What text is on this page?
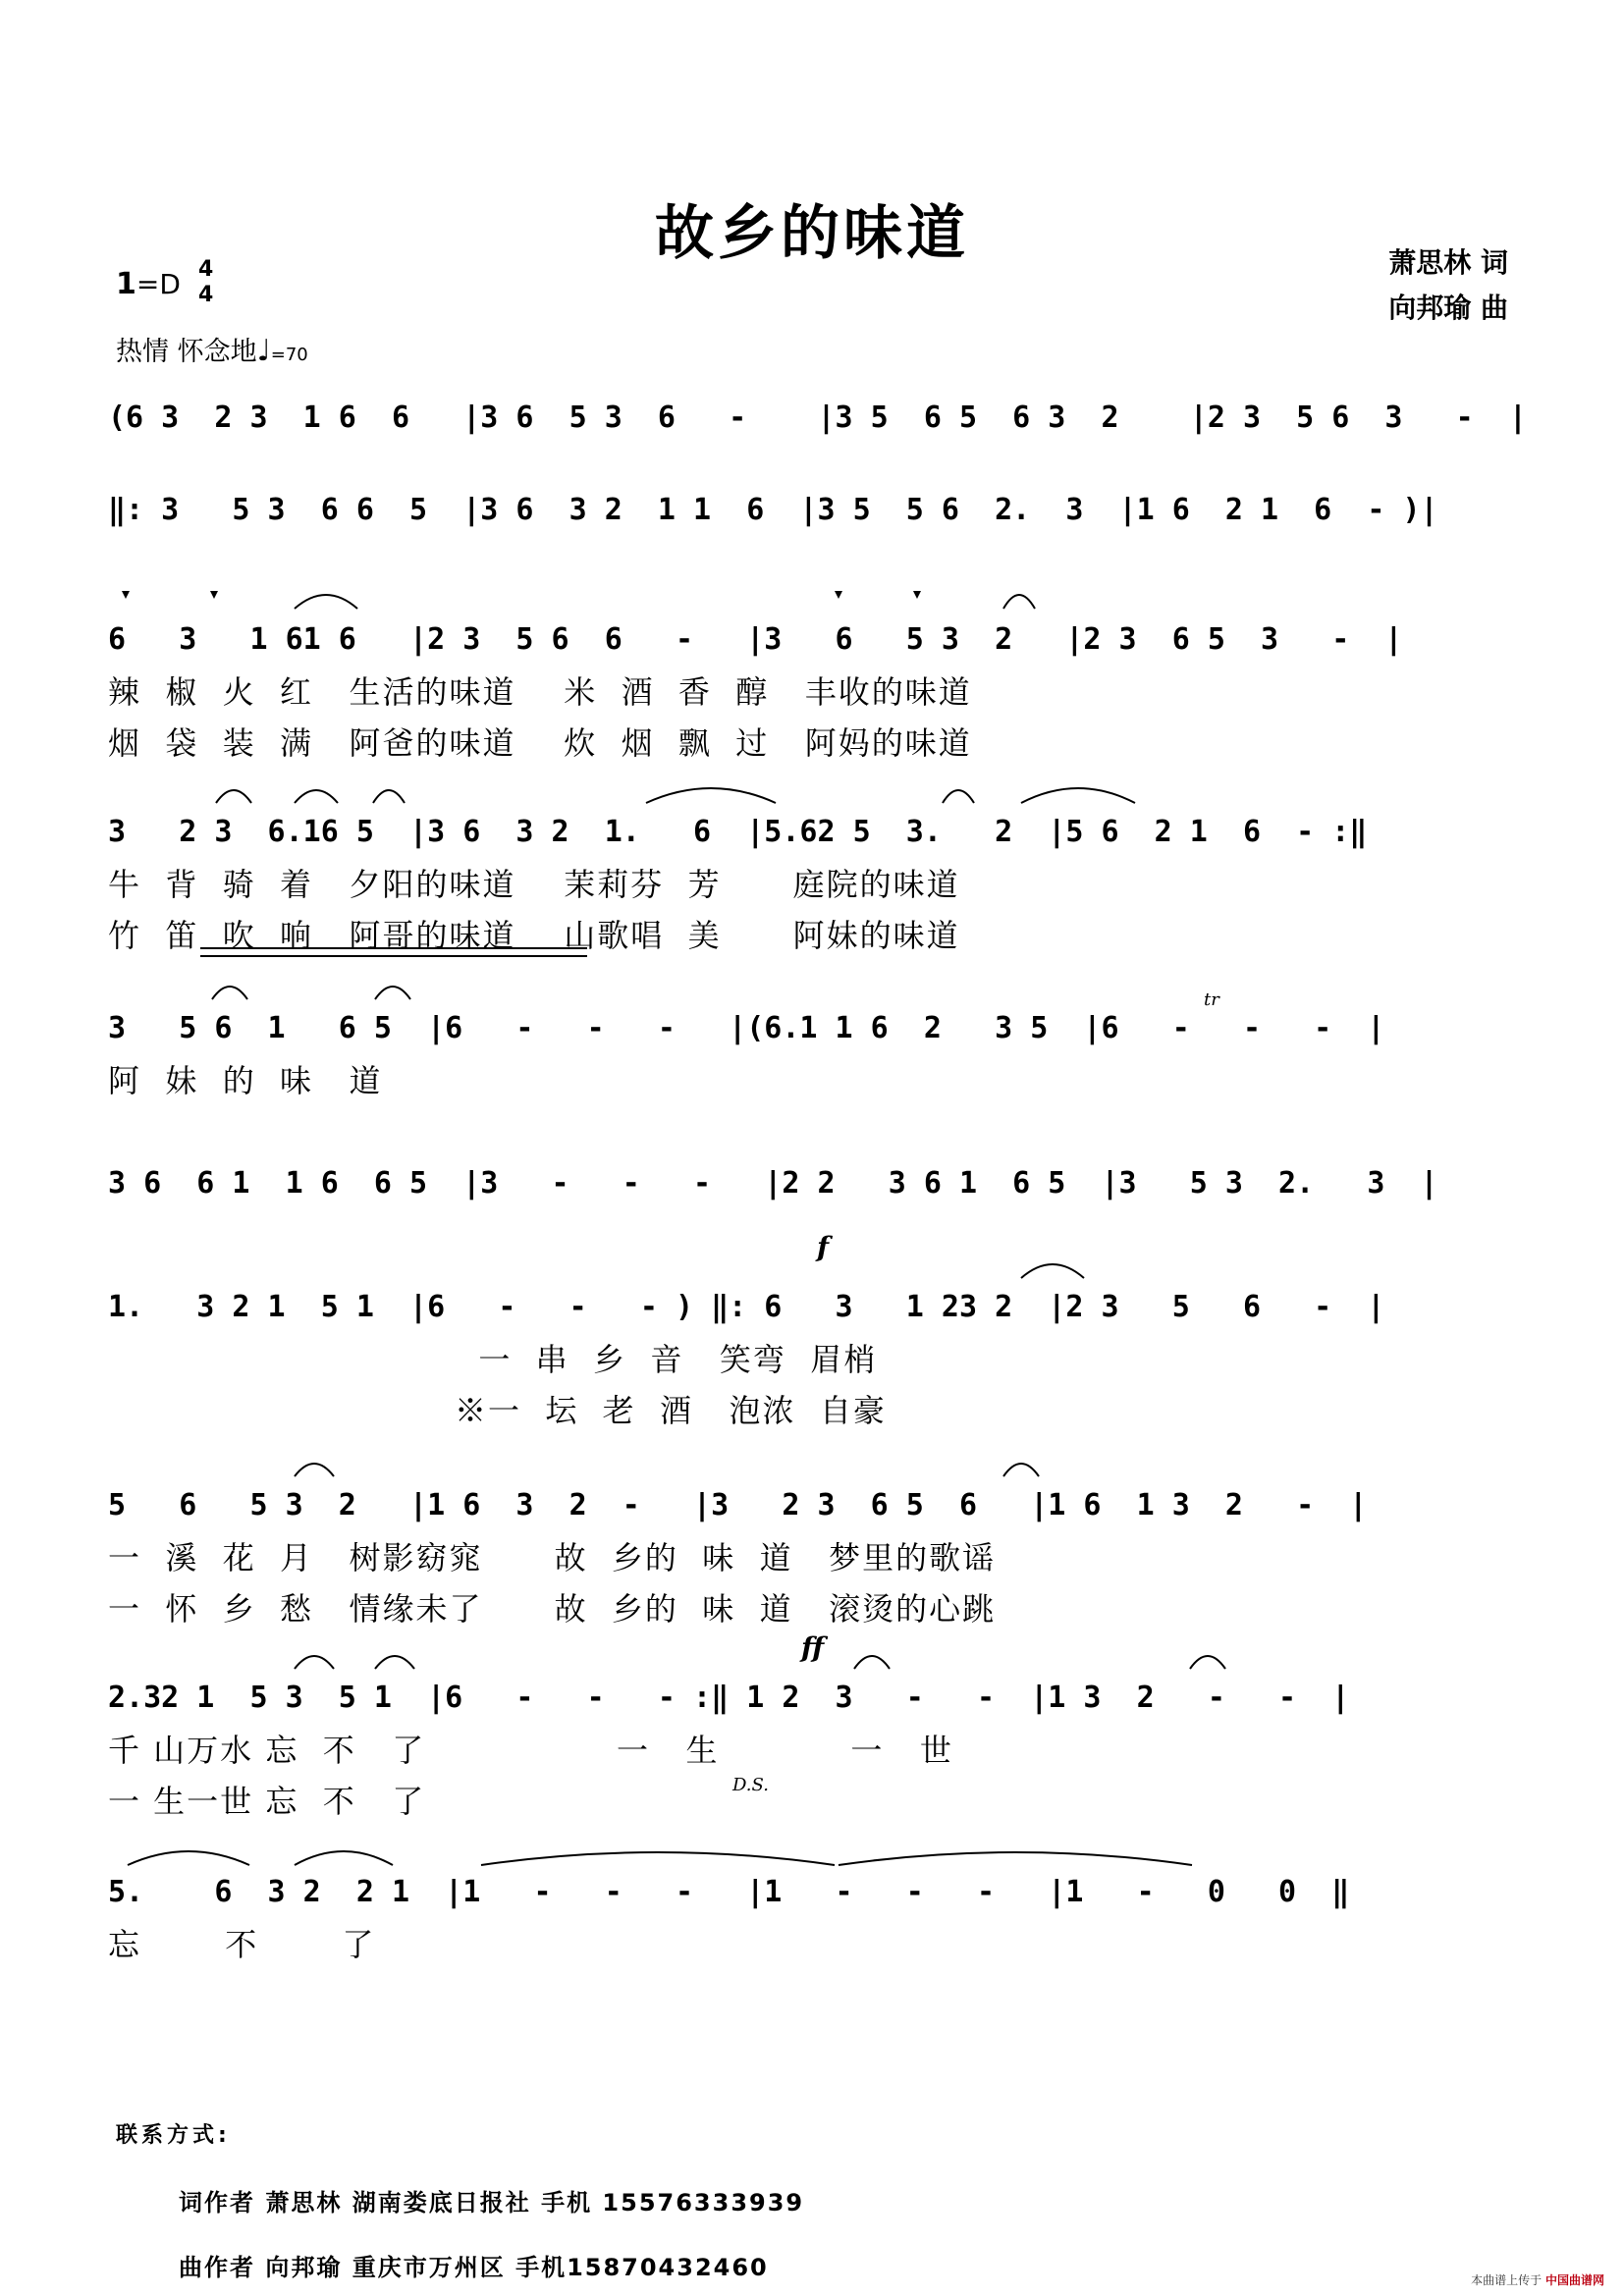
故乡的味道	萧思林 词
向邦瑜 曲
1=D 4
4
热情 怀念地♩=70
(6 3  2 3  1 6  6   |3 6  5 3  6   -    |3 5  6 5  6 3  2    |2 3  5 6  3   -  |
‖: 3   5 3  6 6  5  |3 6  3 2  1 1  6  |3 5  5 6  2.  3  |1 6  2 1  6  - )|
6   3   1 61 6   |2 3  5 6  6   -   |3   6   5 3  2   |2 3  6 5  3   -  |
辣  椒  火  红   生活的味道    米  酒  香  醇   丰收的味道
烟  袋  装  满   阿爸的味道    炊  烟  飘  过   阿妈的味道
3   2 3  6.16 5  |3 6  3 2  1.   6  |5.62 5  3.   2  |5 6  2 1  6  - :‖
牛  背  骑  着   夕阳的味道    茉莉芬  芳      庭院的味道
竹  笛  吹  响   阿哥的味道    山歌唱  美      阿妹的味道
3   5 6  1   6 5  |6   -   -   -   |(6.1 1 6  2   3 5  |6   -   -   -  |
tr
阿  妹  的  味   道
3 6  6 1  1 6  6 5  |3   -   -   -   |2 2   3 6 1  6 5  |3   5 3  2.   3  |
f
1.   3 2 1  5 1  |6   -   -   - ) ‖: 6   3   1 23 2  |2 3   5   6   -  |
一  串  乡  音   笑弯  眉梢
※一  坛  老  酒   泡浓  自豪
5   6   5 3  2   |1 6  3  2  -   |3   2 3  6 5  6   |1 6  1 3  2   -  |
一  溪  花  月   树影窈窕      故  乡的  味  道   梦里的歌谣
一  怀  乡  愁   情缘未了      故  乡的  味  道   滚烫的心跳
ff
2.32 1  5 3  5 1  |6   -   -   - :‖ 1 2  3   -   -  |1 3  2   -   -  |
千 山万水 忘  不   了                一   生           一   世
一 生一世 忘  不   了	D.S.
5.    6  3 2  2 1  |1   -   -   -   |1   -   -   -   |1   -   0   0  ‖
忘       不       了
联系方式:
词作者 萧思林 湖南娄底日报社 手机 15576333939
曲作者 向邦瑜 重庆市万州区 手机15870432460	本曲谱上传于 中国曲谱网
